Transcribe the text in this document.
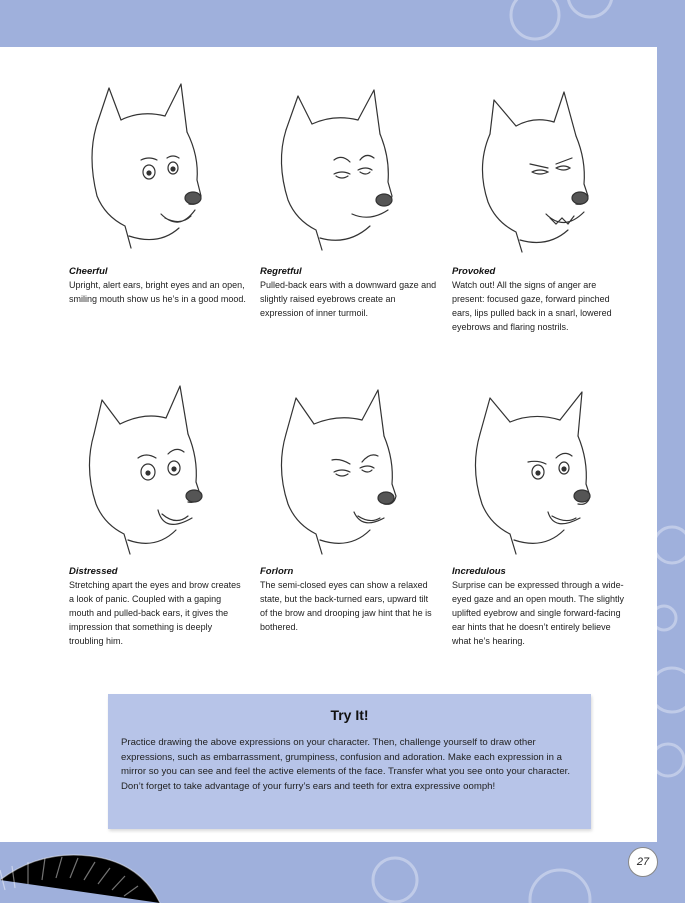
Cheerful
Upright, alert ears, bright eyes and an open, smiling mouth show us he’s in a good mood.
Regretful
Pulled-back ears with a downward gaze and slightly raised eyebrows create an expression of inner turmoil.
Provoked
Watch out! All the signs of anger are present: focused gaze, forward pinched ears, lips pulled back in a snarl, lowered eyebrows and flaring nostrils.
Distressed
Stretching apart the eyes and brow creates a look of panic. Coupled with a gaping mouth and pulled-back ears, it gives the impression that something is deeply troubling him.
Forlorn
The semi-closed eyes can show a relaxed state, but the back-turned ears, upward tilt of the brow and drooping jaw hint that he is bothered.
Incredulous
Surprise can be expressed through a wide-eyed gaze and an open mouth. The slightly uplifted eyebrow and single forward-facing ear hints that he doesn’t entirely believe what he’s hearing.
Try It!
Practice drawing the above expressions on your character. Then, challenge yourself to draw other expressions, such as embarrassment, grumpiness, confusion and adoration. Make each expression in a mirror so you can see and feel the active elements of the face. Transfer what you see onto your character. Don’t forget to take advantage of your furry’s ears and teeth for extra expressive oomph!
27
